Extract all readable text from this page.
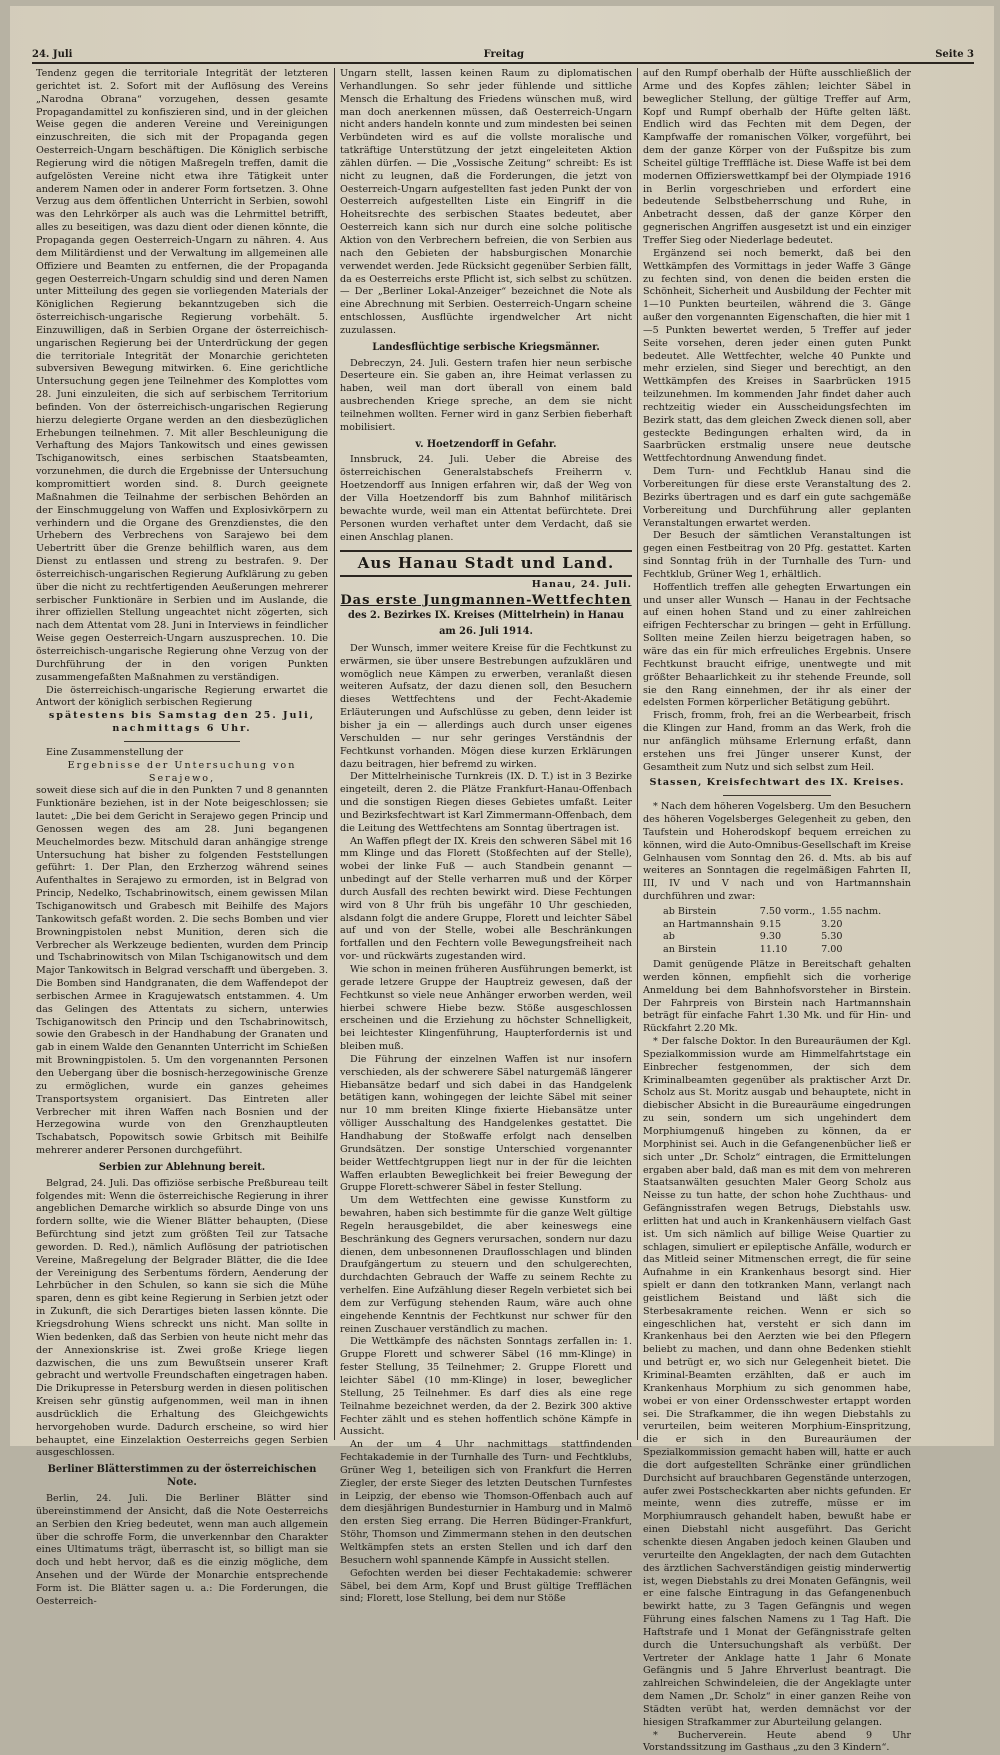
24. Juli	Freitag	Seite 3

Tendenz gegen die territoriale Integrität der letzteren gerichtet ist. 2. Sofort mit der Auflösung des Vereins „Narodna Obrana“ vorzugehen, dessen gesamte Propagandamittel zu konfiszieren sind, und in der gleichen Weise gegen die anderen Vereine und Vereinigungen einzuschreiten, die sich mit der Propaganda gegen Oesterreich-Ungarn beschäftigen. Die Königlich serbische Regierung wird die nötigen Maßregeln treffen, damit die aufgelösten Vereine nicht etwa ihre Tätigkeit unter anderem Namen oder in anderer Form fortsetzen. 3. Ohne Verzug aus dem öffentlichen Unterricht in Serbien, sowohl was den Lehrkörper als auch was die Lehrmittel betrifft, alles zu beseitigen, was dazu dient oder dienen könnte, die Propaganda gegen Oesterreich-Ungarn zu nähren. 4. Aus dem Militärdienst und der Verwaltung im allgemeinen alle Offiziere und Beamten zu entfernen, die der Propaganda gegen Oesterreich-Ungarn schuldig sind und deren Namen unter Mitteilung des gegen sie vorliegenden Materials der Königlichen Regierung bekanntzugeben sich die österreichisch-ungarische Regierung vorbehält. 5. Einzuwilligen, daß in Serbien Organe der österreichisch-ungarischen Regierung bei der Unterdrückung der gegen die territoriale Integrität der Monarchie gerichteten subversiven Bewegung mitwirken. 6. Eine gerichtliche Untersuchung gegen jene Teilnehmer des Komplottes vom 28. Juni einzuleiten, die sich auf serbischem Territorium befinden. Von der österreichisch-ungarischen Regierung hierzu delegierte Organe werden an den diesbezüglichen Erhebungen teilnehmen. 7. Mit aller Beschleunigung die Verhaftung des Majors Tankowitsch und eines gewissen Tschiganowitsch, eines serbischen Staatsbeamten, vorzunehmen, die durch die Ergebnisse der Untersuchung kompromittiert worden sind. 8. Durch geeignete Maßnahmen die Teilnahme der serbischen Behörden an der Einschmuggelung von Waffen und Explosivkörpern zu verhindern und die Organe des Grenzdienstes, die den Urhebern des Verbrechens von Sarajewo bei dem Uebertritt über die Grenze behilflich waren, aus dem Dienst zu entlassen und streng zu bestrafen. 9. Der österreichisch-ungarischen Regierung Aufklärung zu geben über die nicht zu rechtfertigenden Aeußerungen mehrerer serbischer Funktionäre in Serbien und im Auslande, die ihrer offiziellen Stellung ungeachtet nicht zögerten, sich nach dem Attentat vom 28. Juni in Interviews in feindlicher Weise gegen Oesterreich-Ungarn auszusprechen. 10. Die österreichisch-ungarische Regierung ohne Verzug von der Durchführung der in den vorigen Punkten zusammengefaßten Maßnahmen zu verständigen.

Die österreichisch-ungarische Regierung erwartet die Antwort der königlich serbischen Regierung

spätestens bis Samstag den 25. Juli, nachmittags 6 Uhr.

Eine Zusammenstellung der

Ergebnisse der Untersuchung von Serajewo,

soweit diese sich auf die in den Punkten 7 und 8 genannten Funktionäre beziehen, ist in der Note beigeschlossen; sie lautet: „Die bei dem Gericht in Serajewo gegen Princip und Genossen wegen des am 28. Juni begangenen Meuchelmordes bezw. Mitschuld daran anhängige strenge Untersuchung hat bisher zu folgenden Feststellungen geführt: 1. Der Plan, den Erzherzog während seines Aufenthaltes in Serajewo zu ermorden, ist in Belgrad von Princip, Nedelko, Tschabrinowitsch, einem gewissen Milan Tschiganowitsch und Grabesch mit Beihilfe des Majors Tankowitsch gefaßt worden. 2. Die sechs Bomben und vier Browningpistolen nebst Munition, deren sich die Verbrecher als Werkzeuge bedienten, wurden dem Princip und Tschabrinowitsch von Milan Tschiganowitsch und dem Major Tankowitsch in Belgrad verschafft und übergeben. 3. Die Bomben sind Handgranaten, die dem Waffendepot der serbischen Armee in Kragujewatsch entstammen. 4. Um das Gelingen des Attentats zu sichern, unterwies Tschiganowitsch den Princip und den Tschabrinowitsch, sowie den Grabesch in der Handhabung der Granaten und gab in einem Walde den Genannten Unterricht im Schießen mit Browningpistolen. 5. Um den vorgenannten Personen den Uebergang über die bosnisch-herzegowinische Grenze zu ermöglichen, wurde ein ganzes geheimes Transportsystem organisiert. Das Eintreten aller Verbrecher mit ihren Waffen nach Bosnien und der Herzegowina wurde von den Grenzhauptleuten Tschabatsch, Popowitsch sowie Grbitsch mit Beihilfe mehrerer anderer Personen durchgeführt.

Serbien zur Ablehnung bereit.

Belgrad, 24. Juli. Das offiziöse serbische Preßbureau teilt folgendes mit: Wenn die österreichische Regierung in ihrer angeblichen Demarche wirklich so absurde Dinge von uns fordern sollte, wie die Wiener Blätter behaupten, (Diese Befürchtung sind jetzt zum größten Teil zur Tatsache geworden. D. Red.), nämlich Auflösung der patriotischen Vereine, Maßregelung der Belgrader Blätter, die die Idee der Vereinigung des Serbentums fördern, Aenderung der Lehrbücher in den Schulen, so kann sie sich die Mühe sparen, denn es gibt keine Regierung in Serbien jetzt oder in Zukunft, die sich Derartiges bieten lassen könnte. Die Kriegsdrohung Wiens schreckt uns nicht. Man sollte in Wien bedenken, daß das Serbien von heute nicht mehr das der Annexionskrise ist. Zwei große Kriege liegen dazwischen, die uns zum Bewußtsein unserer Kraft gebracht und wertvolle Freundschaften eingetragen haben. Die Drikupresse in Petersburg werden in diesen politischen Kreisen sehr günstig aufgenommen, weil man in ihnen ausdrücklich die Erhaltung des Gleichgewichts hervorgehoben wurde. Dadurch erscheine, so wird hier behauptet, eine Einzelaktion Oesterreichs gegen Serbien ausgeschlossen.

Berliner Blätterstimmen zu der österreichischen Note.

Berlin, 24. Juli. Die Berliner Blätter sind übereinstimmend der Ansicht, daß die Note Oesterreichs an Serbien den Krieg bedeutet, wenn man auch allgemein über die schroffe Form, die unverkennbar den Charakter eines Ultimatums trägt, überrascht ist, so billigt man sie doch und hebt hervor, daß es die einzig mögliche, dem Ansehen und der Würde der Monarchie entsprechende Form ist. Die Blätter sagen u. a.: Die Forderungen, die Oesterreich-

Ungarn stellt, lassen keinen Raum zu diplomatischen Verhandlungen. So sehr jeder fühlende und sittliche Mensch die Erhaltung des Friedens wünschen muß, wird man doch anerkennen müssen, daß Oesterreich-Ungarn nicht anders handeln konnte und zum mindesten bei seinen Verbündeten wird es auf die vollste moralische und tatkräftige Unterstützung der jetzt eingeleiteten Aktion zählen dürfen. — Die „Vossische Zeitung“ schreibt: Es ist nicht zu leugnen, daß die Forderungen, die jetzt von Oesterreich-Ungarn aufgestellten fast jeden Punkt der von Oesterreich aufgestellten Liste ein Eingriff in die Hoheitsrechte des serbischen Staates bedeutet, aber Oesterreich kann sich nur durch eine solche politische Aktion von den Verbrechern befreien, die von Serbien aus nach den Gebieten der habsburgischen Monarchie verwendet werden. Jede Rücksicht gegenüber Serbien fällt, da es Oesterreichs erste Pflicht ist, sich selbst zu schützen. — Der „Berliner Lokal-Anzeiger“ bezeichnet die Note als eine Abrechnung mit Serbien. Oesterreich-Ungarn scheine entschlossen, Ausflüchte irgendwelcher Art nicht zuzulassen.

Landesflüchtige serbische Kriegsmänner.

Debreczyn, 24. Juli. Gestern trafen hier neun serbische Deserteure ein. Sie gaben an, ihre Heimat verlassen zu haben, weil man dort überall von einem bald ausbrechenden Kriege spreche, an dem sie nicht teilnehmen wollten. Ferner wird in ganz Serbien fieberhaft mobilisiert.

v. Hoetzendorff in Gefahr.

Innsbruck, 24. Juli. Ueber die Abreise des österreichischen Generalstabschefs Freiherrn v. Hoetzendorff aus Innigen erfahren wir, daß der Weg von der Villa Hoetzendorff bis zum Bahnhof militärisch bewachte wurde, weil man ein Attentat befürchtete. Drei Personen wurden verhaftet unter dem Verdacht, daß sie einen Anschlag planen.

Aus Hanau Stadt und Land.
Hanau, 24. Juli.
Das erste Jungmannen-Wettfechten
des 2. Bezirkes IX. Kreises (Mittelrhein) in Hanau
am 26. Juli 1914.

Der Wunsch, immer weitere Kreise für die Fechtkunst zu erwärmen, sie über unsere Bestrebungen aufzuklären und womöglich neue Kämpen zu erwerben, veranlaßt diesen weiteren Aufsatz, der dazu dienen soll, den Besuchern dieses Wettfechtens und der Fecht-Akademie Erläuterungen und Aufschlüsse zu geben, denn leider ist bisher ja ein — allerdings auch durch unser eigenes Verschulden — nur sehr geringes Verständnis der Fechtkunst vorhanden. Mögen diese kurzen Erklärungen dazu beitragen, hier befremd zu wirken.

Der Mittelrheinische Turnkreis (IX. D. T.) ist in 3 Bezirke eingeteilt, deren 2. die Plätze Frankfurt-Hanau-Offenbach und die sonstigen Riegen dieses Gebietes umfaßt. Leiter und Bezirksfechtwart ist Karl Zimmermann-Offenbach, dem die Leitung des Wettfechtens am Sonntag übertragen ist.

An Waffen pflegt der IX. Kreis den schweren Säbel mit 16 mm Klinge und das Florett (Stoßfechten auf der Stelle), wobei der linke Fuß — auch Standbein genannt — unbedingt auf der Stelle verharren muß und der Körper durch Ausfall des rechten bewirkt wird. Diese Fechtungen wird von 8 Uhr früh bis ungefähr 10 Uhr geschieden, alsdann folgt die andere Gruppe, Florett und leichter Säbel auf und von der Stelle, wobei alle Beschränkungen fortfallen und den Fechtern volle Bewegungsfreiheit nach vor- und rückwärts zugestanden wird.

Wie schon in meinen früheren Ausführungen bemerkt, ist gerade letzere Gruppe der Hauptreiz gewesen, daß der Fechtkunst so viele neue Anhänger erworben werden, weil hierbei schwere Hiebe bezw. Stöße ausgeschlossen erscheinen und die Erziehung zu höchster Schnelligkeit, bei leichtester Klingenführung, Haupterfordernis ist und bleiben muß.

Die Führung der einzelnen Waffen ist nur insofern verschieden, als der schwerere Säbel naturgemäß längerer Hiebansätze bedarf und sich dabei in das Handgelenk betätigen kann, wohingegen der leichte Säbel mit seiner nur 10 mm breiten Klinge fixierte Hiebansätze unter völliger Ausschaltung des Handgelenkes gestattet. Die Handhabung der Stoßwaffe erfolgt nach denselben Grundsätzen. Der sonstige Unterschied vorgenannter beider Wettfechtgruppen liegt nur in der für die leichten Waffen erlaubten Beweglichkeit bei freier Bewegung der Gruppe Florett-schwerer Säbel in fester Stellung.

Um dem Wettfechten eine gewisse Kunstform zu bewahren, haben sich bestimmte für die ganze Welt gültige Regeln herausgebildet, die aber keineswegs eine Beschränkung des Gegners verursachen, sondern nur dazu dienen, dem unbesonnenen Drauflosschlagen und blinden Draufgängertum zu steuern und den schulgerechten, durchdachten Gebrauch der Waffe zu seinem Rechte zu verhelfen. Eine Aufzählung dieser Regeln verbietet sich bei dem zur Verfügung stehenden Raum, wäre auch ohne eingehende Kenntnis der Fechtkunst nur schwer für den reinen Zuschauer verständlich zu machen.

Die Wettkämpfe des nächsten Sonntags zerfallen in: 1. Gruppe Florett und schwerer Säbel (16 mm-Klinge) in fester Stellung, 35 Teilnehmer; 2. Gruppe Florett und leichter Säbel (10 mm-Klinge) in loser, beweglicher Stellung, 25 Teilnehmer. Es darf dies als eine rege Teilnahme bezeichnet werden, da der 2. Bezirk 300 aktive Fechter zählt und es stehen hoffentlich schöne Kämpfe in Aussicht.

An der um 4 Uhr nachmittags stattfindenden Fechtakademie in der Turnhalle des Turn- und Fechtklubs, Grüner Weg 1, beteiligen sich von Frankfurt die Herren Ziegler, der erste Sieger des letzten Deutschen Turnfestes in Leipzig, der ebenso wie Thomson-Offenbach auch auf dem diesjährigen Bundesturnier in Hamburg und in Malmö den ersten Sieg errang. Die Herren Büdinger-Frankfurt, Stöhr, Thomson und Zimmermann stehen in den deutschen Weltkämpfen stets an ersten Stellen und ich darf den Besuchern wohl spannende Kämpfe in Aussicht stellen.

Gefochten werden bei dieser Fechtakademie: schwerer Säbel, bei dem Arm, Kopf und Brust gültige Trefflächen sind; Florett, lose Stellung, bei dem nur Stöße

auf den Rumpf oberhalb der Hüfte ausschließlich der Arme und des Kopfes zählen; leichter Säbel in beweglicher Stellung, der gültige Treffer auf Arm, Kopf und Rumpf oberhalb der Hüfte gelten läßt. Endlich wird das Fechten mit dem Degen, der Kampfwaffe der romanischen Völker, vorgeführt, bei dem der ganze Körper von der Fußspitze bis zum Scheitel gültige Trefffläche ist. Diese Waffe ist bei dem modernen Offizierswettkampf bei der Olympiade 1916 in Berlin vorgeschrieben und erfordert eine bedeutende Selbstbeherrschung und Ruhe, in Anbetracht dessen, daß der ganze Körper den gegnerischen Angriffen ausgesetzt ist und ein einziger Treffer Sieg oder Niederlage bedeutet.

Ergänzend sei noch bemerkt, daß bei den Wettkämpfen des Vormittags in jeder Waffe 3 Gänge zu fechten sind, von denen die beiden ersten die Schönheit, Sicherheit und Ausbildung der Fechter mit 1—10 Punkten beurteilen, während die 3. Gänge außer den vorgenannten Eigenschaften, die hier mit 1—5 Punkten bewertet werden, 5 Treffer auf jeder Seite vorsehen, deren jeder einen guten Punkt bedeutet. Alle Wettfechter, welche 40 Punkte und mehr erzielen, sind Sieger und berechtigt, an den Wettkämpfen des Kreises in Saarbrücken 1915 teilzunehmen. Im kommenden Jahr findet daher auch rechtzeitig wieder ein Ausscheidungsfechten im Bezirk statt, das dem gleichen Zweck dienen soll, aber gesteckte Bedingungen erhalten wird, da in Saarbrücken erstmalig unsere neue deutsche Wettfechtordnung Anwendung findet.

Dem Turn- und Fechtklub Hanau sind die Vorbereitungen für diese erste Veranstaltung des 2. Bezirks übertragen und es darf ein gute sachgemäße Vorbereitung und Durchführung aller geplanten Veranstaltungen erwartet werden.

Der Besuch der sämtlichen Veranstaltungen ist gegen einen Festbeitrag von 20 Pfg. gestattet. Karten sind Sonntag früh in der Turnhalle des Turn- und Fechtklub, Grüner Weg 1, erhältlich.

Hoffentlich treffen alle gehegten Erwartungen ein und unser aller Wunsch — Hanau in der Fechtsache auf einen hohen Stand und zu einer zahlreichen eifrigen Fechterschar zu bringen — geht in Erfüllung. Sollten meine Zeilen hierzu beigetragen haben, so wäre das ein für mich erfreuliches Ergebnis. Unsere Fechtkunst braucht eifrige, unentwegte und mit größter Behaarlichkeit zu ihr stehende Freunde, soll sie den Rang einnehmen, der ihr als einer der edelsten Formen körperlicher Betätigung gebührt.

Frisch, fromm, froh, frei an die Werbearbeit, frisch die Klingen zur Hand, fromm an das Werk, froh die nur anfänglich mühsame Erlernung erfaßt, dann erstehen uns frei Jünger unserer Kunst, der Gesamtheit zum Nutz und sich selbst zum Heil.

Stassen, Kreisfechtwart des IX. Kreises.

* Nach dem höheren Vogelsberg. Um den Besuchern des höheren Vogelsberges Gelegenheit zu geben, den Taufstein und Hoherodskopf bequem erreichen zu können, wird die Auto-Omnibus-Gesellschaft im Kreise Gelnhausen vom Sonntag den 26. d. Mts. ab bis auf weiteres an Sonntagen die regelmäßigen Fahrten II, III, IV und V nach und von Hartmannshain durchführen und zwar:

ab Birstein	7.50 vorm.,	1.55 nachm.
an Hartmannshain	9.15	3.20
ab	9.30	5.30
an Birstein	11.10	7.00

Damit genügende Plätze in Bereitschaft gehalten werden können, empfiehlt sich die vorherige Anmeldung bei dem Bahnhofsvorsteher in Birstein. Der Fahrpreis von Birstein nach Hartmannshain beträgt für einfache Fahrt 1.30 Mk. und für Hin- und Rückfahrt 2.20 Mk.

* Der falsche Doktor. In den Bureauräumen der Kgl. Spezialkommission wurde am Himmelfahrtstage ein Einbrecher festgenommen, der sich dem Kriminalbeamten gegenüber als praktischer Arzt Dr. Scholz aus St. Moritz ausgab und behauptete, nicht in diebischer Absicht in die Bureauräume eingedrungen zu sein, sondern um sich ungehindert dem Morphiumgenuß hingeben zu können, da er Morphinist sei. Auch in die Gefangenenbücher ließ er sich unter „Dr. Scholz“ eintragen, die Ermittelungen ergaben aber bald, daß man es mit dem von mehreren Staatsanwälten gesuchten Maler Georg Scholz aus Neisse zu tun hatte, der schon hohe Zuchthaus- und Gefängnisstrafen wegen Betrugs, Diebstahls usw. erlitten hat und auch in Krankenhäusern vielfach Gast ist. Um sich nämlich auf billige Weise Quartier zu schlagen, simuliert er epileptische Anfälle, wodurch er das Mitleid seiner Mitmenschen erregt, die für seine Aufnahme in ein Krankenhaus besorgt sind. Hier spielt er dann den totkranken Mann, verlangt nach geistlichem Beistand und läßt sich die Sterbesakramente reichen. Wenn er sich so eingeschlichen hat, versteht er sich dann im Krankenhaus bei den Aerzten wie bei den Pflegern beliebt zu machen, und dann ohne Bedenken stiehlt und betrügt er, wo sich nur Gelegenheit bietet. Die Kriminal-Beamten erzählten, daß er auch im Krankenhaus Morphium zu sich genommen habe, wobei er von einer Ordensschwester ertappt worden sei. Die Strafkammer, die ihn wegen Diebstahls zu verurteilen, beim weiteren Morphium-Einspritzung, die er sich in den Bureauräumen der Spezialkommission gemacht haben will, hatte er auch die dort aufgestellten Schränke einer gründlichen Durchsicht auf brauchbaren Gegenstände unterzogen, aufer zwei Postscheckkarten aber nichts gefunden. Er meinte, wenn dies zutreffe, müsse er im Morphiumrausch gehandelt haben, bewußt habe er einen Diebstahl nicht ausgeführt. Das Gericht schenkte diesen Angaben jedoch keinen Glauben und verurteilte den Angeklagten, der nach dem Gutachten des ärztlichen Sachverständigen geistig minderwertig ist, wegen Diebstahls zu drei Monaten Gefängnis, weil er eine falsche Eintragung in das Gefangenenbuch bewirkt hatte, zu 3 Tagen Gefängnis und wegen Führung eines falschen Namens zu 1 Tag Haft. Die Haftstrafe und 1 Monat der Gefängnisstrafe gelten durch die Untersuchungshaft als verbüßt. Der Vertreter der Anklage hatte 1 Jahr 6 Monate Gefängnis und 5 Jahre Ehrverlust beantragt. Die zahlreichen Schwindeleien, die der Angeklagte unter dem Namen „Dr. Scholz“ in einer ganzen Reihe von Städten verübt hat, werden demnächst vor der hiesigen Strafkammer zur Aburteilung gelangen.

* Bucherverein. Heute abend 9 Uhr Vorstandssitzung im Gasthaus „zu den 3 Kindern“.
